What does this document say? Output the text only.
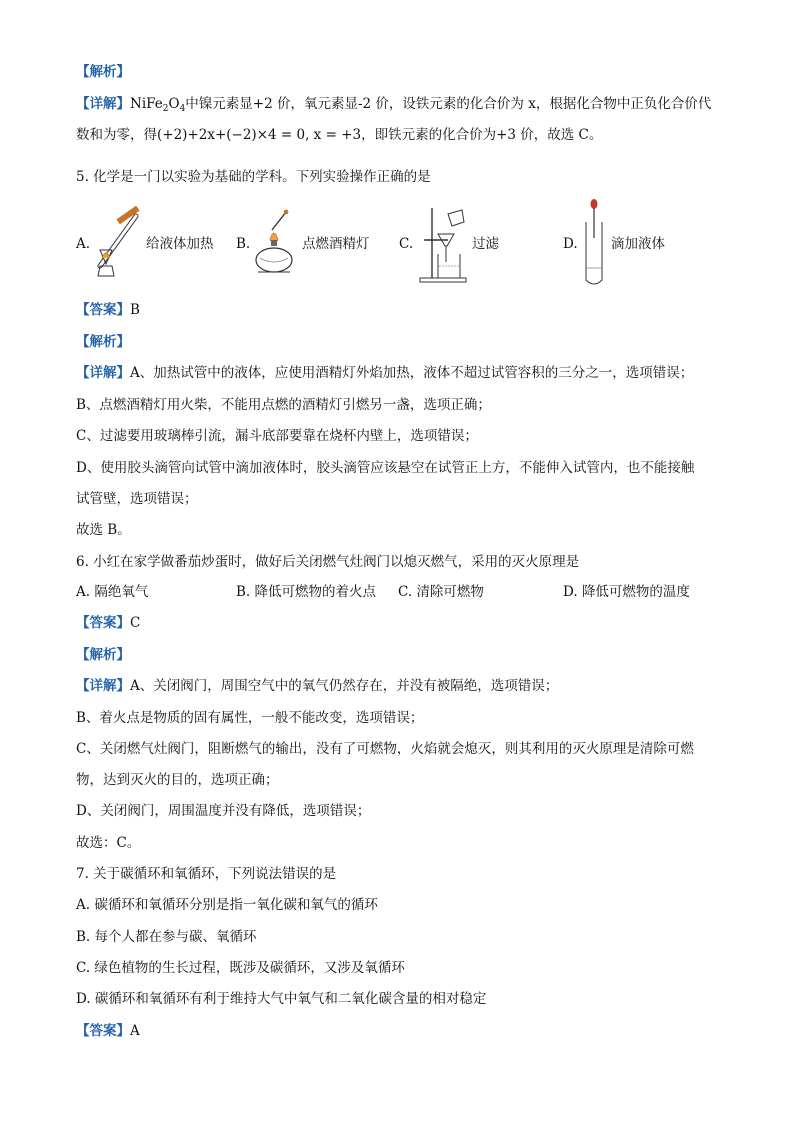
【解析】
【详解】$NiFe_2O_4$中镍元素显+2 价，氧元素显-2 价，设铁元素的化合价为 x，根据化合物中正负化合价代
数和为零，得(+2)+2x+(−2)×4 = 0, x = +3，即铁元素的化合价为+3 价，故选 C。
5. 化学是一门以实验为基础的学科。下列实验操作正确的是
A.	给液体加热 B.	点燃酒精灯 C.	过滤	D. 滴加液体
【答案】B
【解析】
【详解】A、加热试管中的液体，应使用酒精灯外焰加热，液体不超过试管容积的三分之一，选项错误；
B、点燃酒精灯用火柴，不能用点燃的酒精灯引燃另一盏，选项正确；
C、过滤要用玻璃棒引流，漏斗底部要靠在烧杯内壁上，选项错误；
D、使用胶头滴管向试管中滴加液体时，胶头滴管应该悬空在试管正上方，不能伸入试管内，也不能接触
试管壁，选项错误；
故选 B。
6. 小红在家学做番茄炒蛋时，做好后关闭燃气灶阀门以熄灭燃气，采用的灭火原理是
A. 隔绝氧气	B. 降低可燃物的着火点 C. 清除可燃物	D. 降低可燃物的温度
【答案】C
【解析】
【详解】A、关闭阀门，周围空气中的氧气仍然存在，并没有被隔绝，选项错误；
B、着火点是物质的固有属性，一般不能改变，选项错误；
C、关闭燃气灶阀门，阻断燃气的输出，没有了可燃物，火焰就会熄灭，则其利用的灭火原理是清除可燃
物，达到灭火的目的，选项正确；
D、关闭阀门，周围温度并没有降低，选项错误；
故选：C。
7. 关于碳循环和氧循环，下列说法错误的是
A. 碳循环和氧循环分别是指一氧化碳和氧气的循环
B. 每个人都在参与碳、氧循环
C. 绿色植物的生长过程，既涉及碳循环，又涉及氧循环
D. 碳循环和氧循环有利于维持大气中氧气和二氧化碳含量的相对稳定
【答案】A
